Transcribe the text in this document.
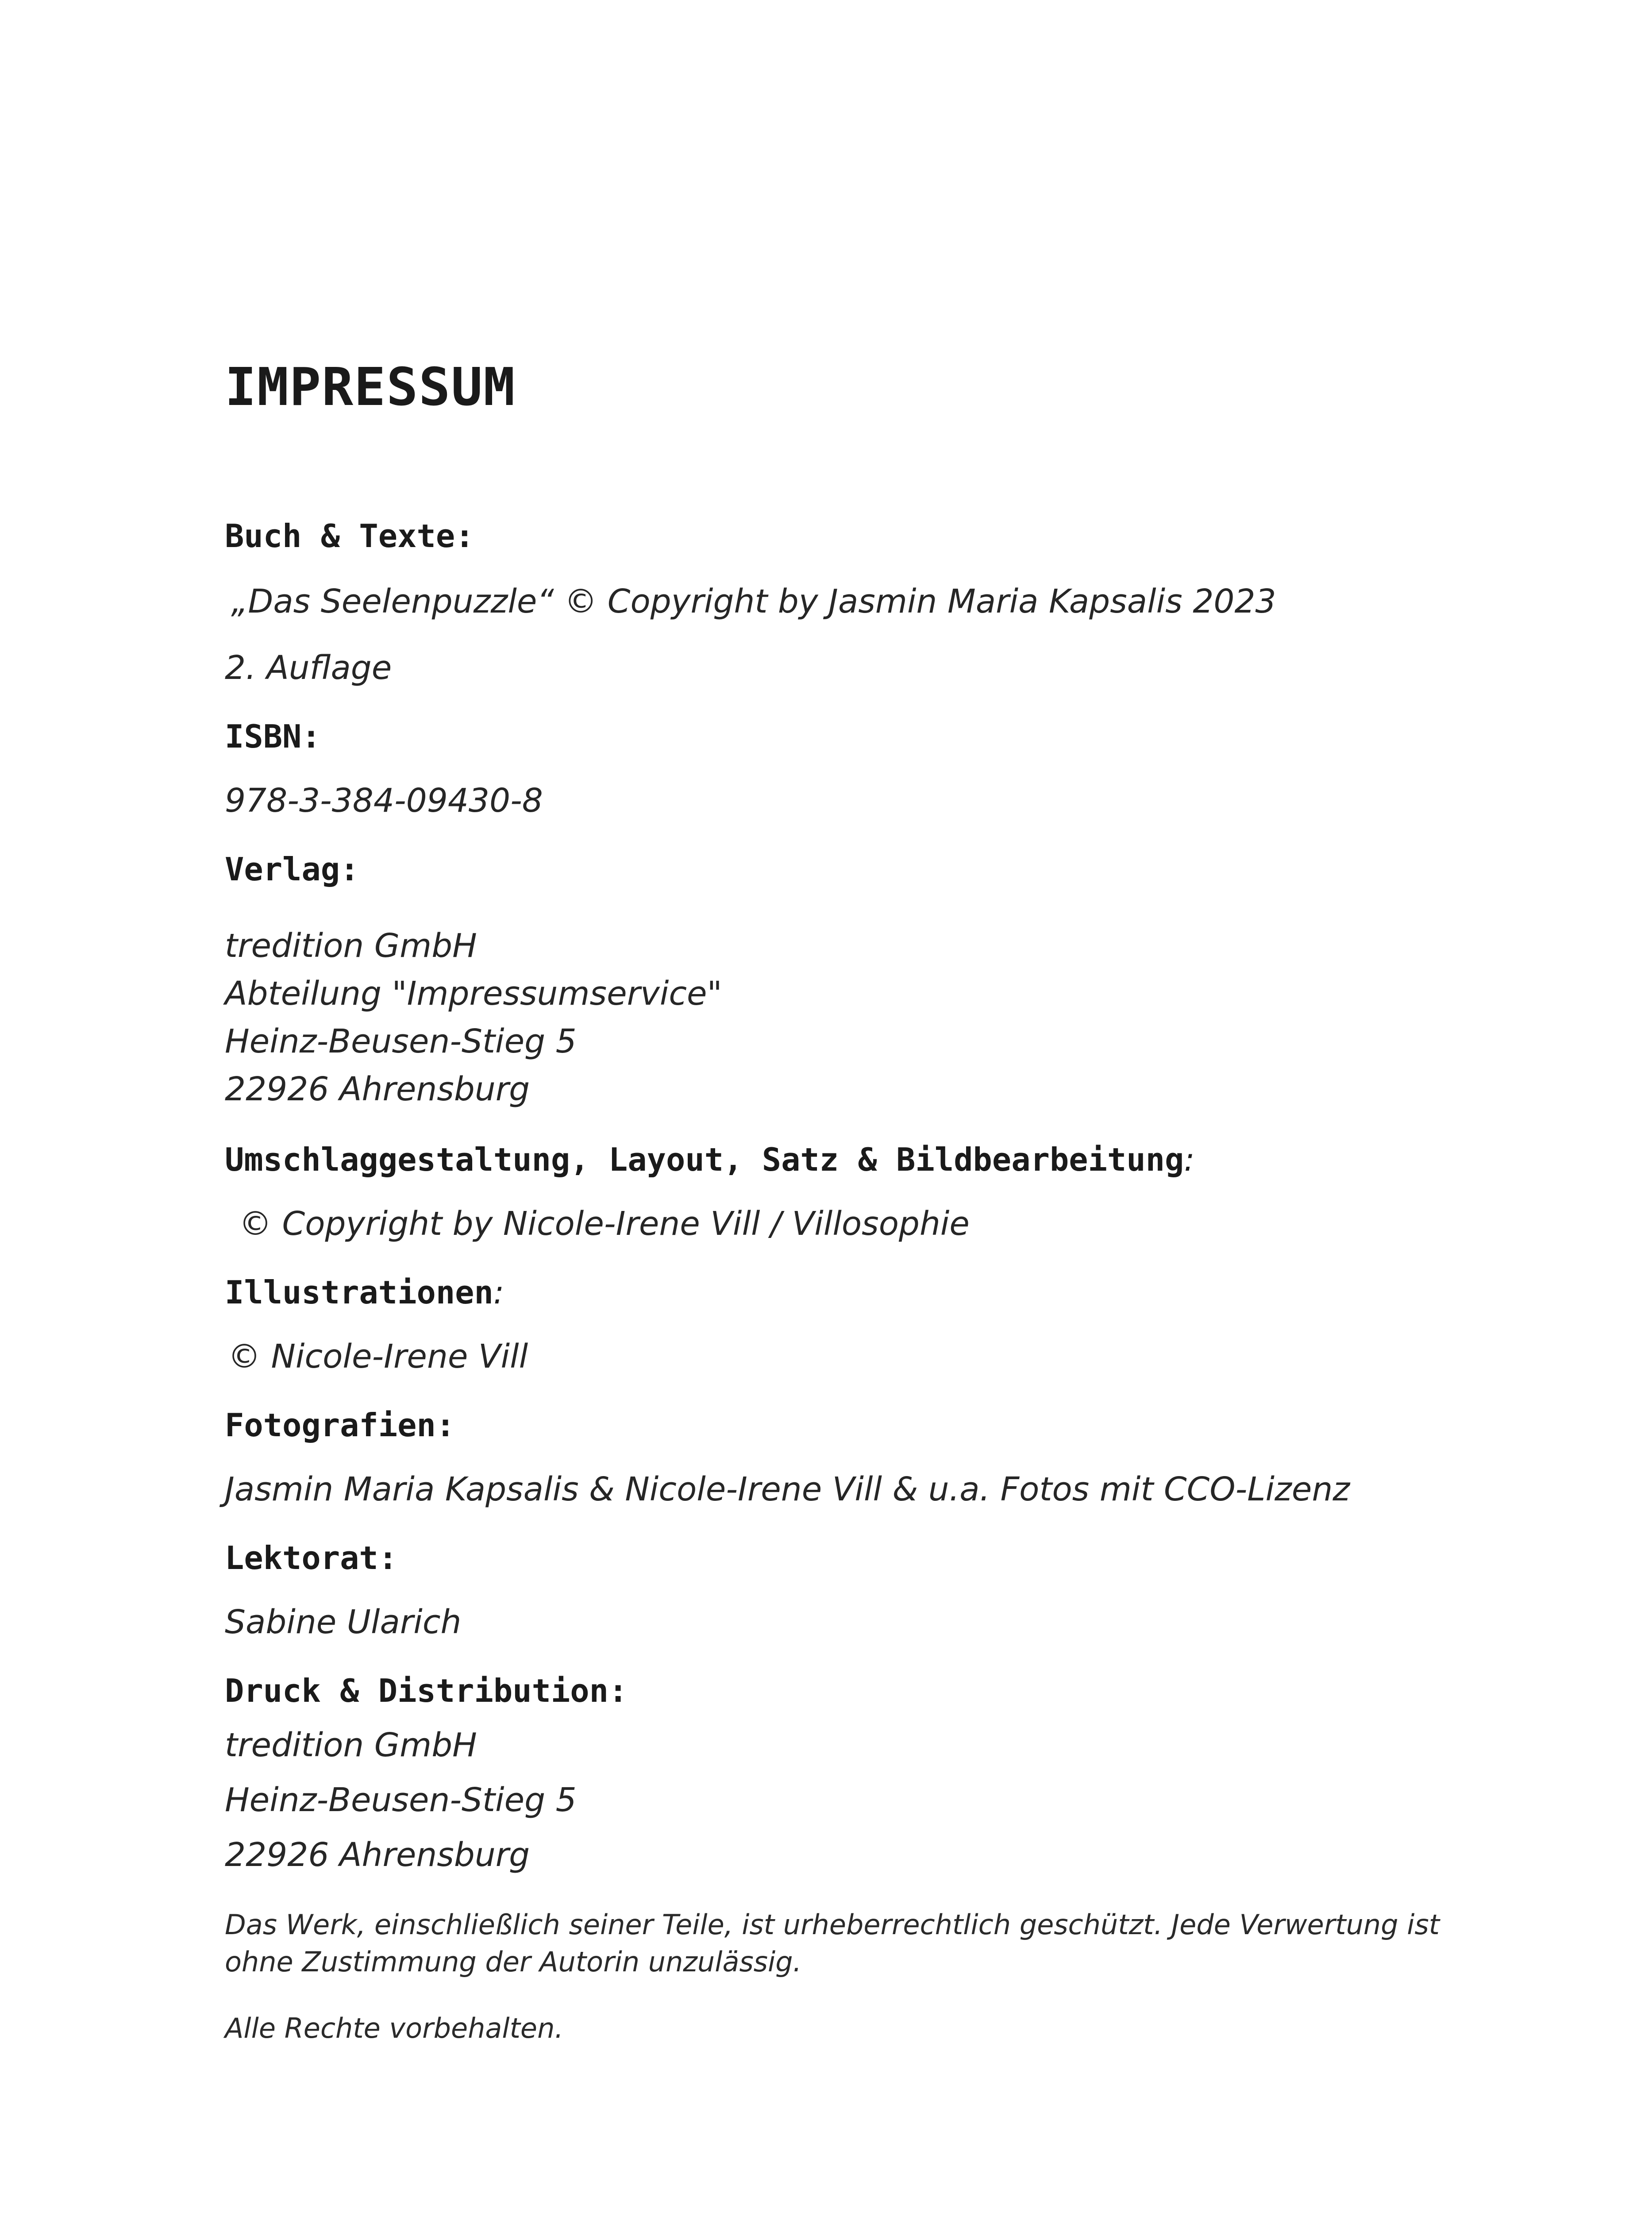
IMPRESSUM
Buch & Texte:
„Das Seelenpuzzle“ © Copyright by Jasmin Maria Kapsalis 2023
2. Auflage
ISBN:
978-3-384-09430-8
Verlag:
tredition GmbH
Abteilung "Impressumservice"
Heinz-Beusen-Stieg 5
22926 Ahrensburg
Umschlaggestaltung, Layout, Satz & Bildbearbeitung:
© Copyright by Nicole-Irene Vill / Villosophie
Illustrationen:
© Nicole-Irene Vill
Fotografien:
Jasmin Maria Kapsalis & Nicole-Irene Vill & u.a. Fotos mit CCO-Lizenz
Lektorat:
Sabine Ularich
Druck & Distribution:
tredition GmbH
Heinz-Beusen-Stieg 5
22926 Ahrensburg
Das Werk, einschließlich seiner Teile, ist urheberrechtlich geschützt. Jede Verwertung ist
ohne Zustimmung der Autorin unzulässig.
Alle Rechte vorbehalten.
